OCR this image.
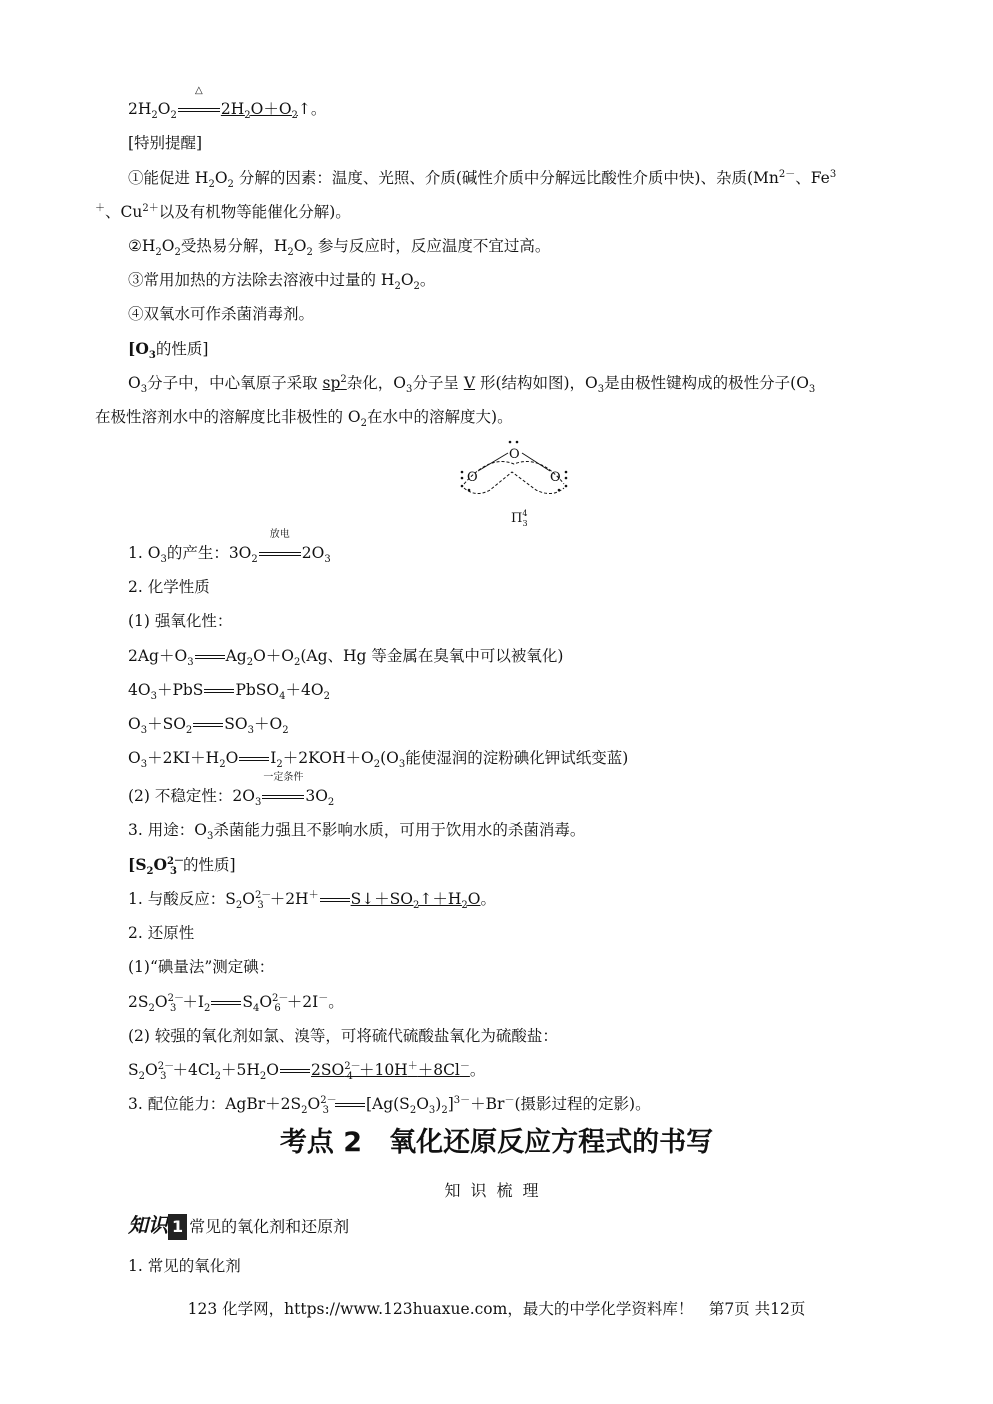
$2H_2O_2$
△
$2H_2O+O_2↑$。
[特别提醒]
①能促进 $H_2O_2$ 分解的因素：温度、光照、介质(碱性介质中分解远比酸性介质中快)、杂质($Mn^{2-}$、Fe$^3$
＋、$Cu^{2+}$以及有机物等能催化分解)。
$②H_2O_2$受热易分解，$H_2O_2$ 参与反应时，反应温度不宜过高。
③常用加热的方法除去溶液中过量的 $H_2O_2$。
④双氧水可作杀菌消毒剂。
[$O_3$的性质]
$O_3$分子中，中心氧原子采取 $sp^2$杂化，$O_3$分子呈 V 形(结构如图)，$O_3$是由极性键构成的极性分子($O_3$
在极性溶剂水中的溶解度比非极性的 $O_2$在水中的溶解度大)。
O
O	O
$\Pi^4$ 3
1. $O_3$的产生：$3O_2$
放电
$2O_3$
2. 化学性质
(1) 强氧化性：
$2Ag+O_3$ $Ag_2O+O_2(Ag$、Hg 等金属在臭氧中可以被氧化)
$4O_3+PbS$ $PbSO_4+4O_2$
$O_3+SO_2$ $SO_3+O_2$
$O_3+2KI+H_2O$ $I_2+2KOH+O_2(O_3$能使湿润的淀粉碘化钾试纸变蓝)
(2) 不稳定性：$2O_3$
一定条件
$3O_2$
3. 用途：$O_3$杀菌能力强且不影响水质，可用于饮用水的杀菌消毒。
[$S_2O^{2-}_3$ 的性质]
1. 与酸反应：$S_2O^{2-}_3 +2H^+$ $S↓+SO_2↑+H_2O$。
2. 还原性
(1)“碘量法”测定碘：
$2S_2O^{2-}_3 +I_2$ $S_4O^{2-}_6 +2I^-$。
(2) 较强的氧化剂如氯、溴等，可将硫代硫酸盐氧化为硫酸盐：
$S_2O^{2-}_3 +4Cl_2+5H_2O$ $2SO^{2-}_4 +10H^++8Cl^-$。
3. 配位能力：$AgBr+2S_2O^{2-}_3$ $[Ag(S_2O_3)_2]^{3-}+Br^-$(摄影过程的定影)。
考点 2　氧化还原反应方程式的书写
知识梳理
知识 1 常见的氧化剂和还原剂
1. 常见的氧化剂
123 化学网，https://www.123huaxue.com，最大的中学化学资料库！　第7页 共12页
